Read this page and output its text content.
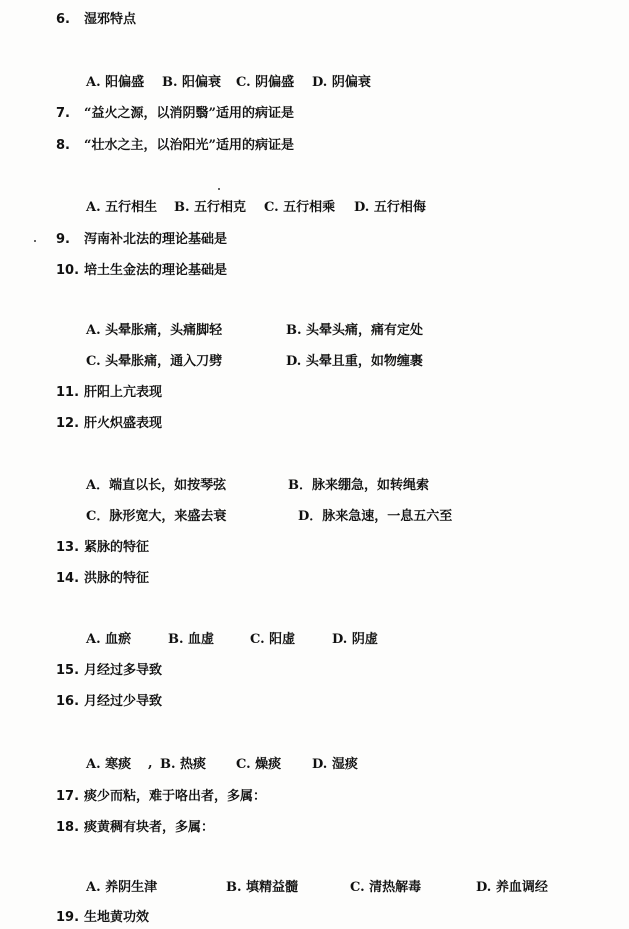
6. 湿邪特点
A. 阳偏盛 B. 阳偏衰 C. 阴偏盛 D. 阴偏衰
7. “益火之源，以消阴翳”适用的病证是
8. “壮水之主，以治阳光”适用的病证是
A. 五行相生 B. 五行相克 C. 五行相乘 D. 五行相侮
9. 泻南补北法的理论基础是
10. 培土生金法的理论基础是
A. 头晕胀痛，头痛脚轻	B. 头晕头痛，痛有定处
C. 头晕胀痛，通入刀劈	D. 头晕且重，如物缠裹
11. 肝阳上亢表现
12. 肝火炽盛表现
A．端直以长，如按琴弦	B．脉来绷急，如转绳索
C．脉形宽大，来盛去衰	D．脉来急速，一息五六至
13. 紧脉的特征
14. 洪脉的特征
A. 血瘀	B. 血虚	C. 阳虚	D. 阴虚
15. 月经过多导致
16. 月经过少导致
A. 寒痰 , B. 热痰 C. 燥痰 D. 湿痰
17. 痰少而粘，难于咯出者，多属：
18. 痰黄稠有块者，多属：
A. 养阴生津	B. 填精益髓	C. 清热解毒	D. 养血调经
19. 生地黄功效
